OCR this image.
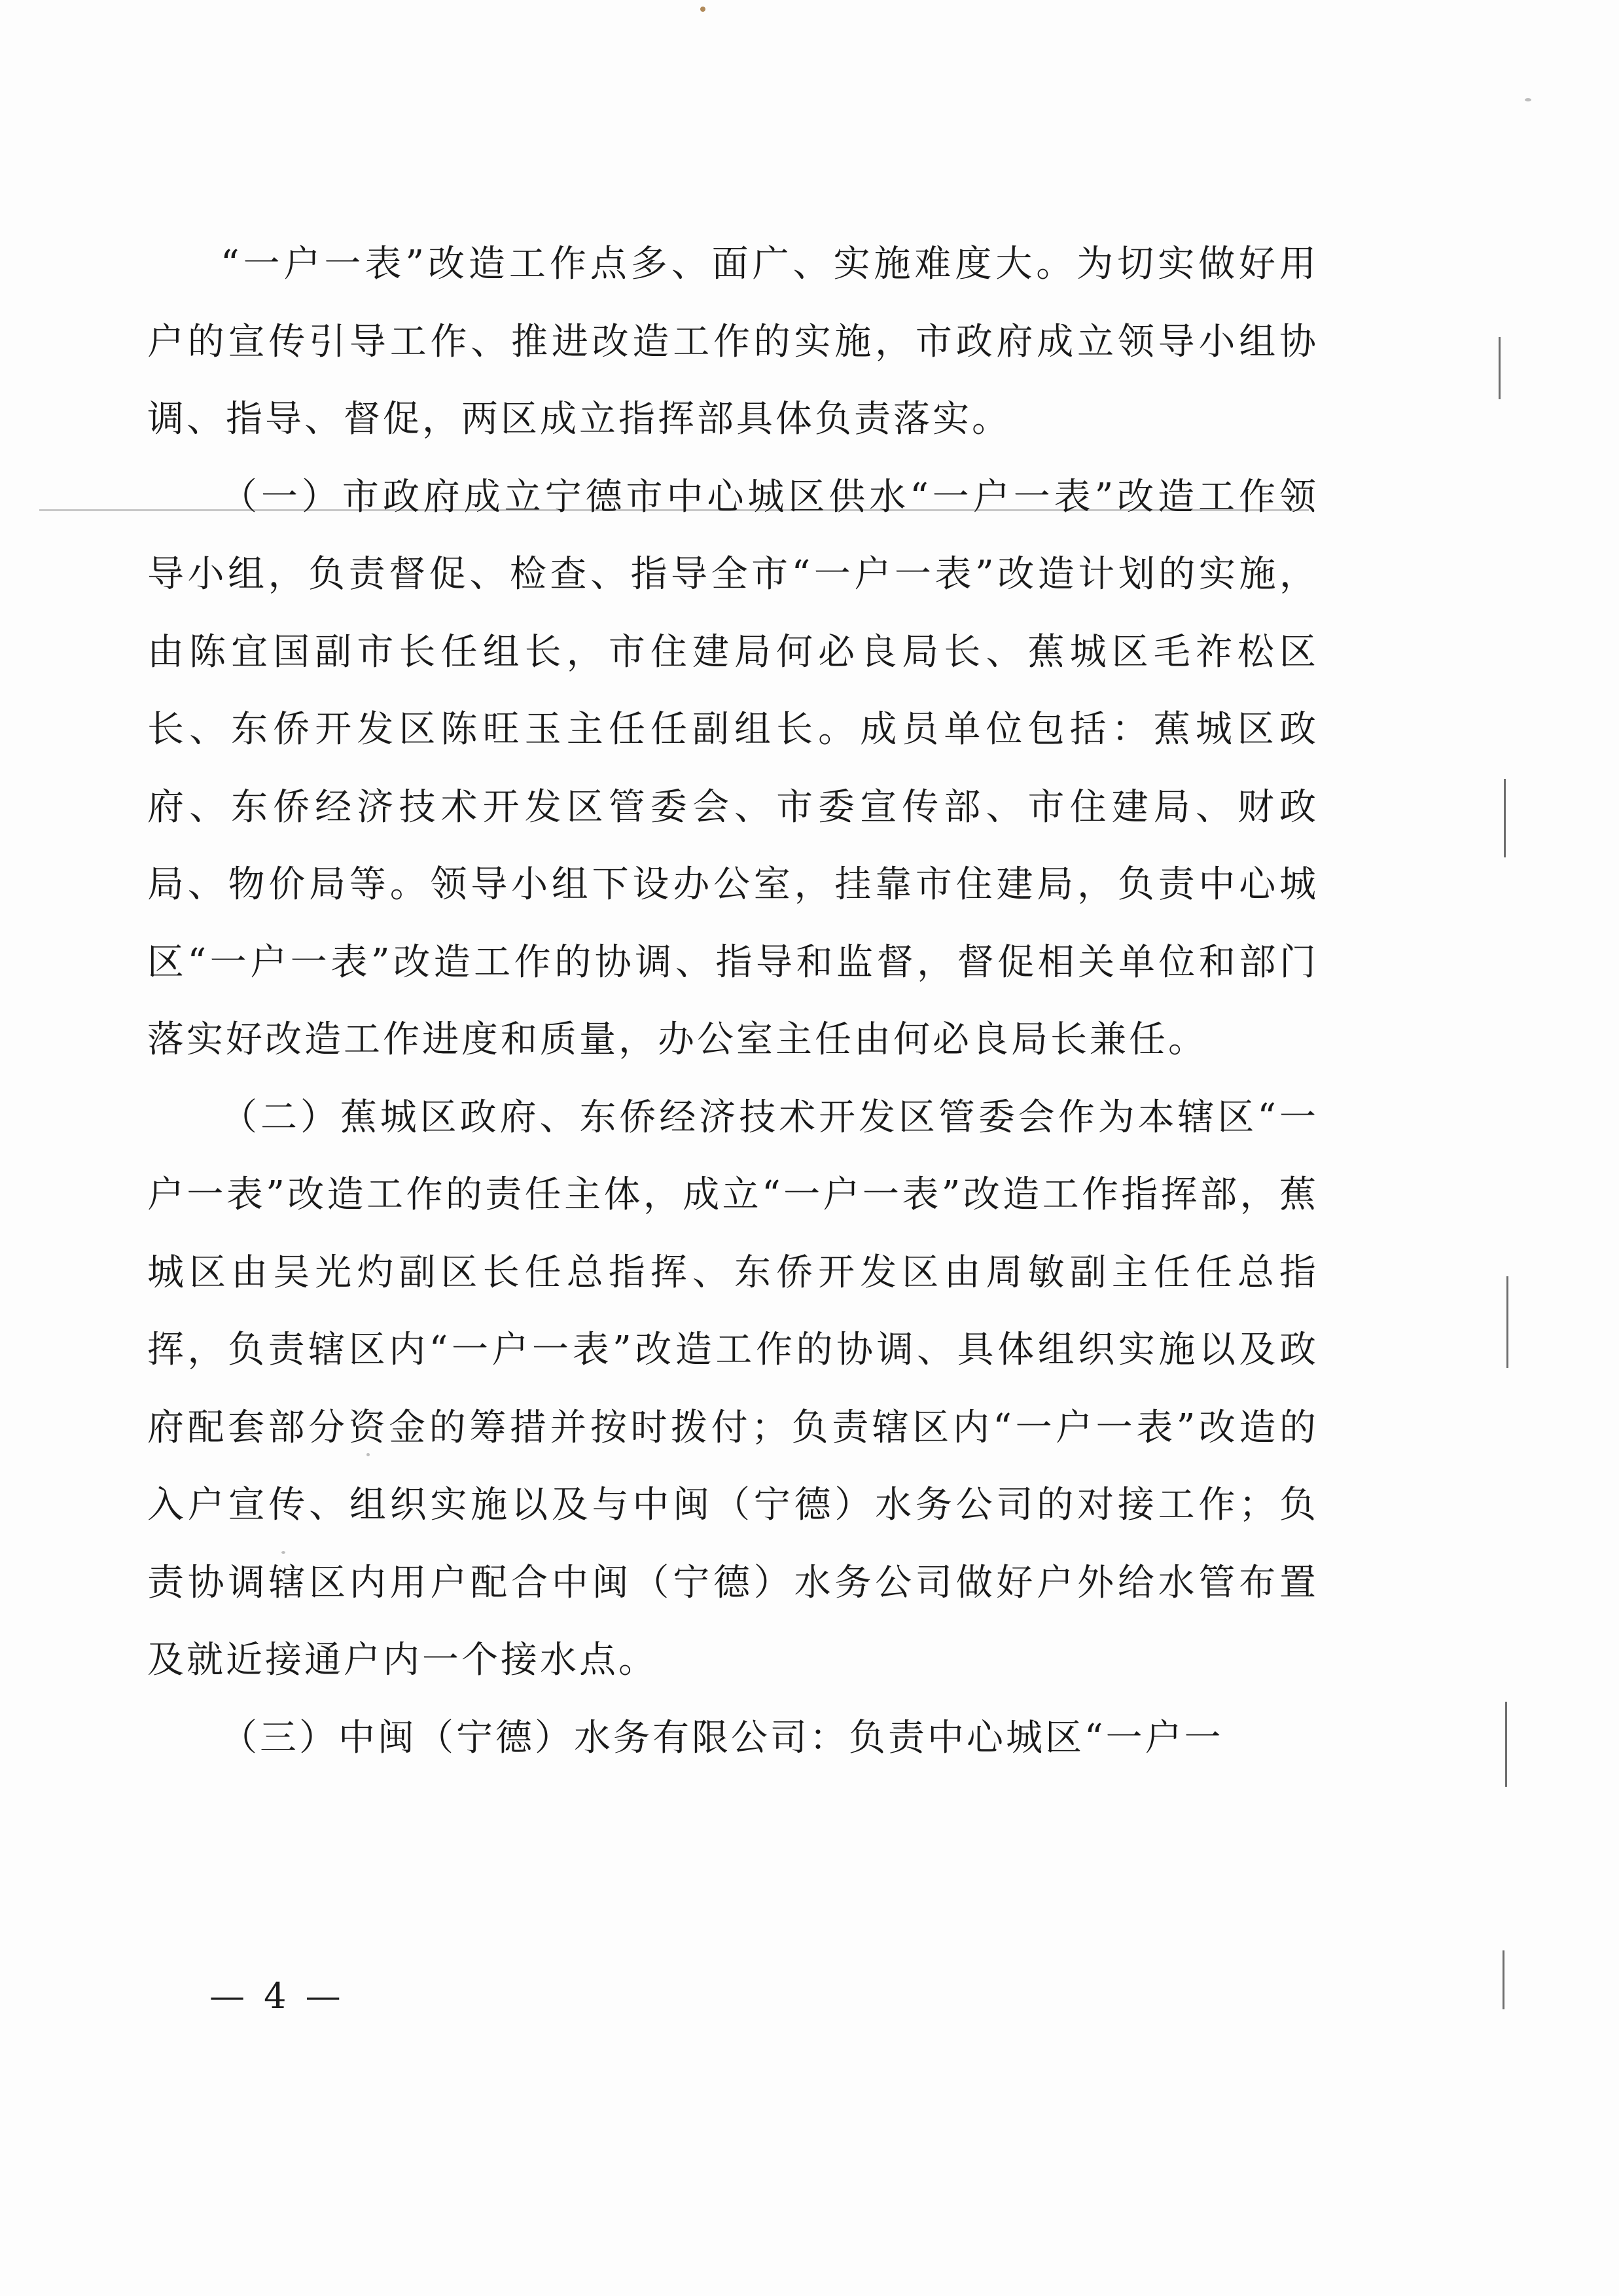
“一户一表”改造工作点多、面广、实施难度大。为切实做好用户的宣传引导工作、推进改造工作的实施，市政府成立领导小组协调、指导、督促，两区成立指挥部具体负责落实。

（一）市政府成立宁德市中心城区供水“一户一表”改造工作领导小组，负责督促、检查、指导全市“一户一表”改造计划的实施，由陈宜国副市长任组长，市住建局何必良局长、蕉城区毛祚松区长、东侨开发区陈旺玉主任任副组长。成员单位包括：蕉城区政府、东侨经济技术开发区管委会、市委宣传部、市住建局、财政局、物价局等。领导小组下设办公室，挂靠市住建局，负责中心城区“一户一表”改造工作的协调、指导和监督，督促相关单位和部门落实好改造工作进度和质量，办公室主任由何必良局长兼任。

（二）蕉城区政府、东侨经济技术开发区管委会作为本辖区“一户一表”改造工作的责任主体，成立“一户一表”改造工作指挥部，蕉城区由吴光灼副区长任总指挥、东侨开发区由周敏副主任任总指挥，负责辖区内“一户一表”改造工作的协调、具体组织实施以及政府配套部分资金的筹措并按时拨付；负责辖区内“一户一表”改造的入户宣传、组织实施以及与中闽（宁德）水务公司的对接工作；负责协调辖区内用户配合中闽（宁德）水务公司做好户外给水管布置及就近接通户内一个接水点。

（三）中闽（宁德）水务有限公司：负责中心城区“一户一

— 4 —
